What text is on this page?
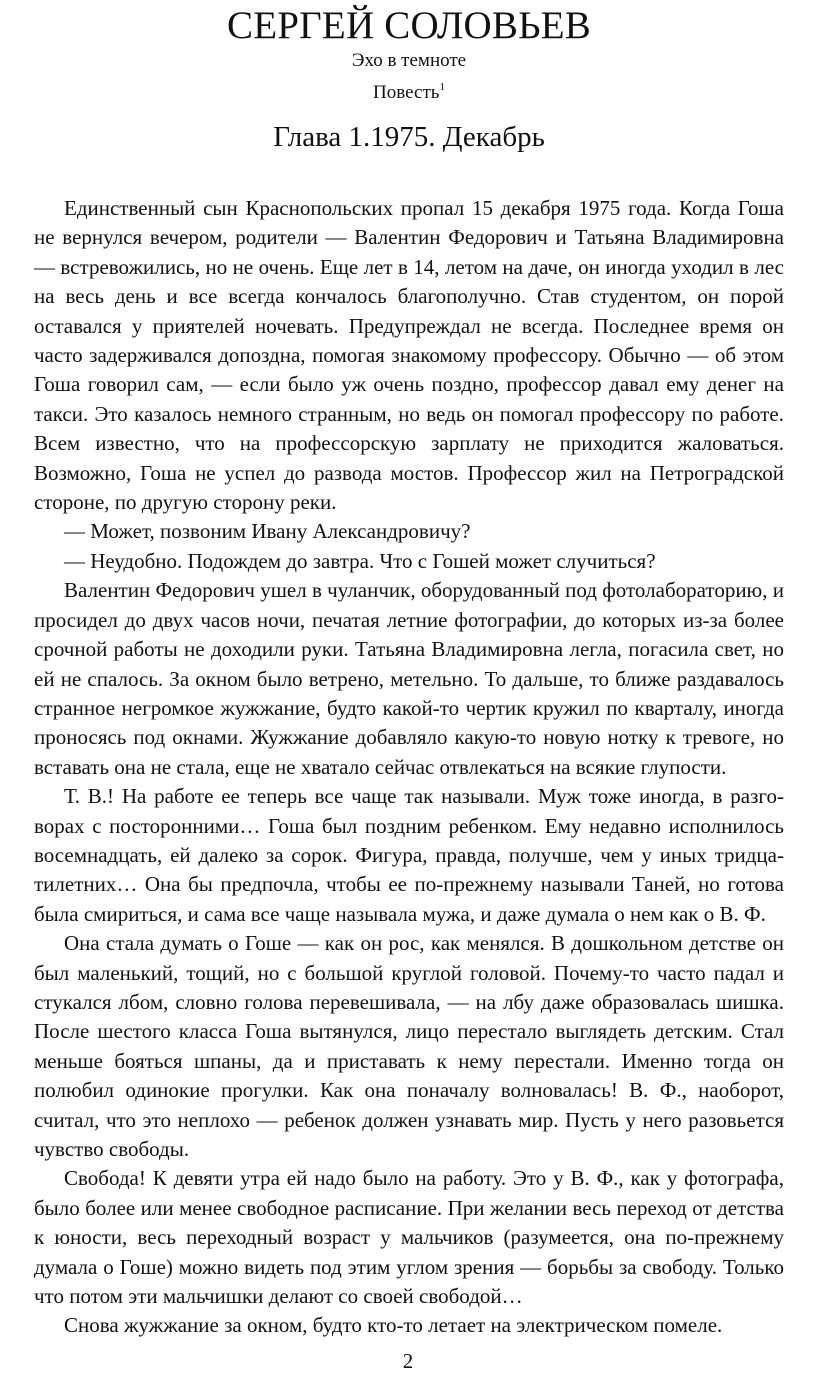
СЕРГЕЙ СОЛОВЬЕВ

Эхо в темноте

Повесть$^1$

Глава 1.1975. Декабрь

Единственный сын Краснопольских пропал 15 декабря 1975 года. Когда Гоша не вернулся вечером, родители — Валентин Федорович и Татьяна Владимировна — встревожились, но не очень. Еще лет в 14, летом на даче, он иногда уходил в лес на весь день и все всегда кончалось благополучно. Став студентом, он порой оставался у приятелей ночевать. Предупреждал не всегда. Последнее время он часто задерживался допоздна, помогая знакомому профессору. Обычно — об этом Гоша говорил сам, — если было уж очень поздно, профессор давал ему денег на такси. Это казалось немного странным, но ведь он помогал профессору по работе. Всем известно, что на профессорскую зарплату не приходится жаловаться. Возможно, Гоша не успел до развода мостов. Профессор жил на Петроградской стороне, по другую сторону реки.

— Может, позвоним Ивану Александровичу?

— Неудобно. Подождем до завтра. Что с Гошей может случиться?

Валентин Федорович ушел в чуланчик, оборудованный под фотолабораторию, и просидел до двух часов ночи, печатая летние фотографии, до которых из-за более срочной работы не доходили руки. Татьяна Владимировна легла, погасила свет, но ей не спалось. За окном было ветрено, метельно. То дальше, то ближе раздавалось странное негромкое жужжание, будто какой-то чертик кружил по кварталу, иногда проносясь под окнами. Жужжание добавляло какую-то новую нотку к тревоге, но вставать она не стала, еще не хватало сейчас отвлекаться на всякие глупости.

Т. В.! На работе ее теперь все чаще так называли. Муж тоже иногда, в разговорах с посторонними… Гоша был поздним ребенком. Ему недавно исполнилось восемнадцать, ей далеко за сорок. Фигура, правда, получше, чем у иных тридцатилетних… Она бы предпочла, чтобы ее по-прежнему называли Таней, но готова была смириться, и сама все чаще называла мужа, и даже думала о нем как о В. Ф.

Она стала думать о Гоше — как он рос, как менялся. В дошкольном детстве он был маленький, тощий, но с большой круглой головой. Почему-то часто падал и стукался лбом, словно голова перевешивала, — на лбу даже образовалась шишка. После шестого класса Гоша вытянулся, лицо перестало выглядеть детским. Стал меньше бояться шпаны, да и приставать к нему перестали. Именно тогда он полюбил одинокие прогулки. Как она поначалу волновалась! В. Ф., наоборот, считал, что это неплохо — ребенок должен узнавать мир. Пусть у него разовьется чувство свободы.

Свобода! К девяти утра ей надо было на работу. Это у В. Ф., как у фотографа, было более или менее свободное расписание. При желании весь переход от детства к юности, весь переходный возраст у мальчиков (разумеется, она по-прежнему думала о Гоше) можно видеть под этим углом зрения — борьбы за свободу. Только что потом эти мальчишки делают со своей свободой…

Снова жужжание за окном, будто кто-то летает на электрическом помеле.

2
